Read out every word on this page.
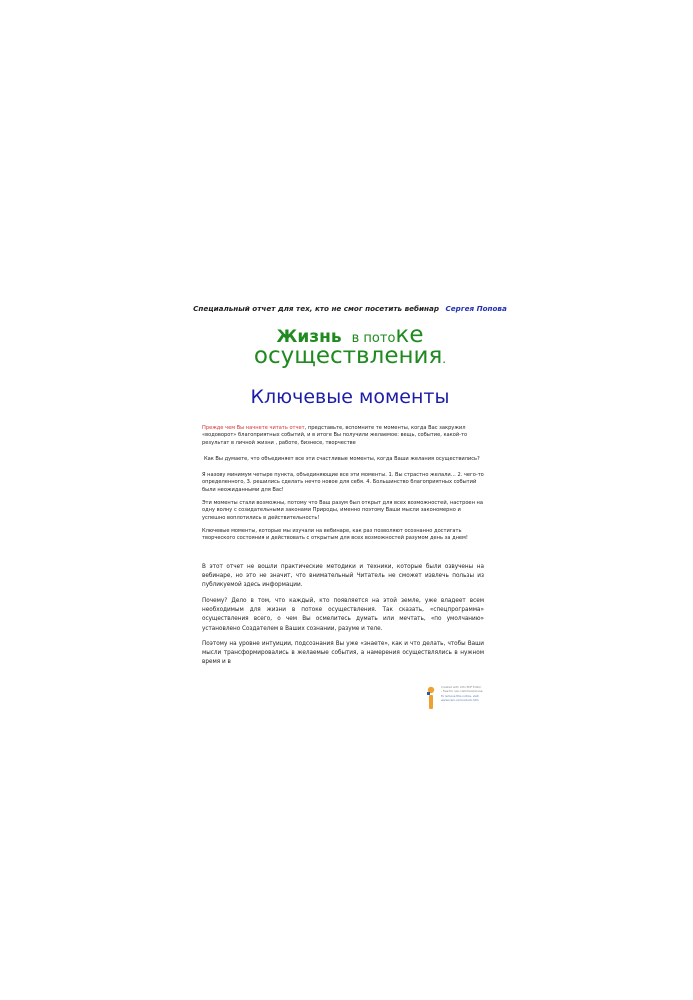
Специальный отчет для тех, кто не смог посетить вебинар Сергея Попова
Жизнь в потоке
осуществления.
Ключевые моменты

Прежде чем Вы начнете читать отчет, представьте, вспомните те моменты, когда Вас закружил «водоворот» благоприятных событий, и в итоге Вы получили желаемое: вещь, событие, какой-то результат в личной жизни , работе, бизнесе, творчестве

Как Вы думаете, что объединяет все эти счастливые моменты, когда Ваши желания осуществились?

Я назову минимум четыре пункта, объединяющие все эти моменты. 1. Вы страстно желали… 2. чего-то определенного, 3. решились сделать нечто новое для себя. 4. Большинство благоприятных событий были неожиданными для Вас!

Эти моменты стали возможны, потому что Ваш разум был открыт для всех возможностей, настроен на одну волну с созидательными законами Природы, именно поэтому Ваши мысли закономерно и успешно воплотились в действительность!

Ключевые моменты, которые мы изучали на вебинаре, как раз позволяют осознанно достигать творческого состояния и действовать с открытым для всех возможностей разумом день за днем!

В этот отчет не вошли практические методики и техники, которые были озвучены на вебинаре, но это не значит, что внимательный Читатель не сможет извлечь пользы из публикуемой здесь информации.

Почему? Дело в том, что каждый, кто появляется на этой земле, уже владеет всем необходимым для жизни в потоке осуществления. Так сказать, «спецпрограмма» осуществления всего, о чем Вы осмелитесь думать или мечтать, «по умолчанию» установлено Создателем в Ваших сознании, разуме и теле.

Поэтому на уровне интуиции, подсознания Вы уже «знаете», как и что делать, чтобы Ваши мысли трансформировались в желаемые события, а намерения осуществлялись в нужном время и в

Created with Infix PDF Editor
- free for non-commercial use
To remove this notice, visit: www.iceni.com/unlock.htm
